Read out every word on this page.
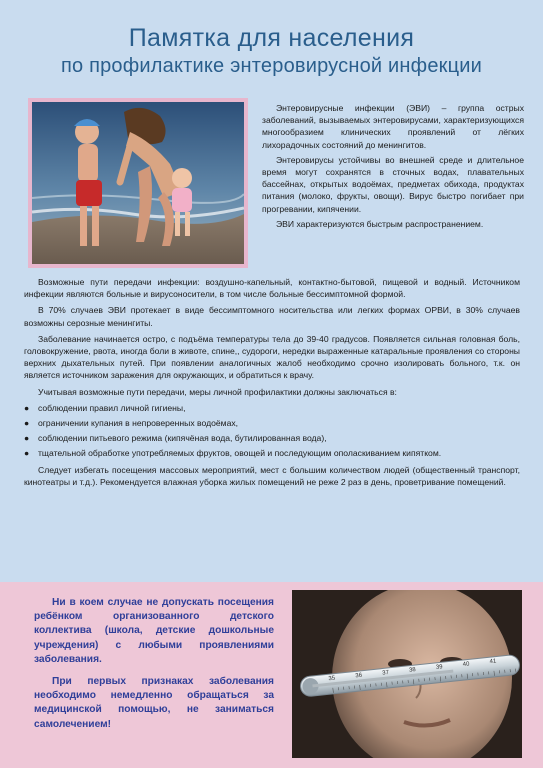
Памятка для населения
по профилактике энтеровирусной инфекции

Энтеровирусные инфекции (ЭВИ) – группа острых заболеваний, вызываемых энтеровирусами, характеризующихся многообразием клинических проявлений от лёгких лихорадочных состояний до менингитов.

Энтеровирусы устойчивы во внешней среде и длительное время могут сохранятся в сточных водах, плавательных бассейнах, открытых водоёмах, предметах обихода, продуктах питания (молоко, фрукты, овощи). Вирус быстро погибает при прогревании, кипячении.

ЭВИ характеризуются быстрым распространением.

Возможные пути передачи инфекции: воздушно-капельный, контактно-бытовой, пищевой и водный. Источником инфекции являются больные и вирусоносители, в том числе больные бессимптомной формой.

В 70% случаев ЭВИ протекает в виде бессимптомного носительства или легких формах ОРВИ, в 30% случаев возможны серозные менингиты.

Заболевание начинается остро, с подъёма температуры тела до 39-40 градусов. Появляется сильная головная боль, головокружение, рвота, иногда боли в животе, спине,, судороги, нередки выраженные катаральные проявления со стороны верхних дыхательных путей. При появлении аналогичных жалоб необходимо срочно изолировать больного, т.к. он является источником заражения для окружающих, и обратиться к врачу.

Учитывая возможные пути передачи, меры личной профилактики должны заключаться в:

● соблюдении правил личной гигиены,
● ограничении купания в непроверенных водоёмах,
● соблюдении питьевого режима (кипячёная вода, бутилированная вода),
● тщательной обработке употребляемых фруктов, овощей и последующим ополаскиванием кипятком.

Следует избегать посещения массовых мероприятий, мест с большим количеством людей (общественный транспорт, кинотеатры и т.д.). Рекомендуется влажная уборка жилых помещений не реже 2 раз в день, проветривание помещений.

Ни в коем случае не допускать посещения ребёнком организованного детского коллектива (школа, детские дошкольные учреждения) с любыми проявлениями заболевания.

При первых признаках заболевания необходимо немедленно обращаться за медицинской помощью, не заниматься самолечением!

35	36	37	38	39	40	41
